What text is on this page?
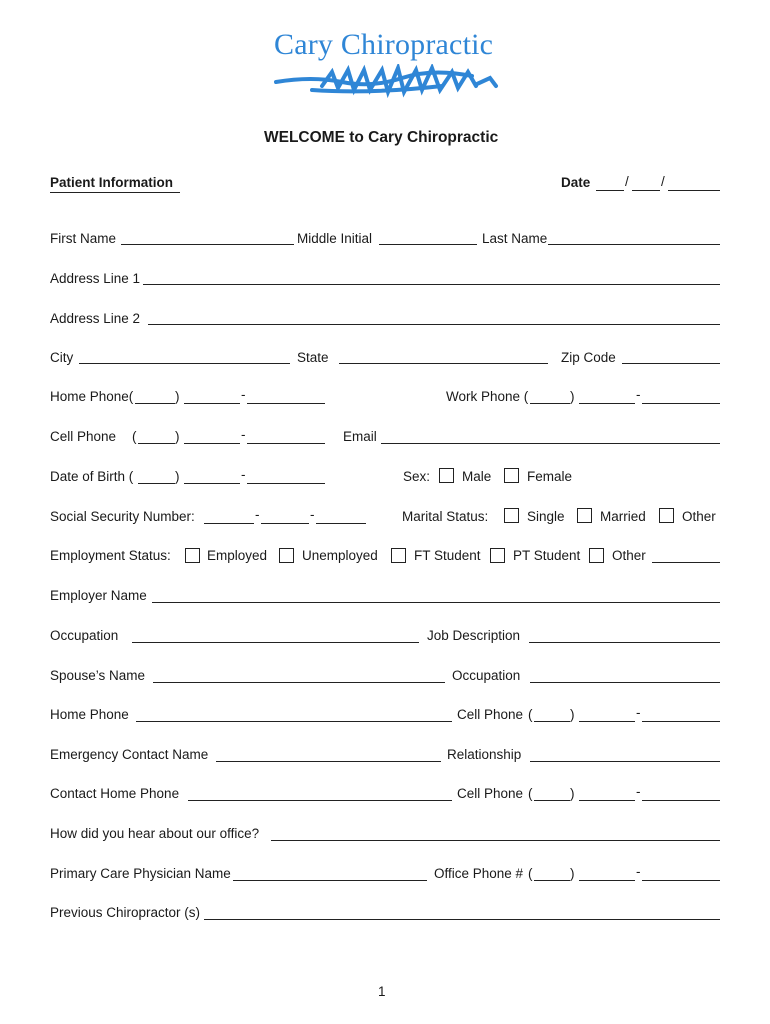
Cary Chiropractic
WELCOME to Cary Chiropractic
Patient Information	Date	/ /
First Name	Middle Initial	Last Name
Address Line 1
Address Line 2
City	State	Zip Code
Home Phone(	)	-	Work Phone (	)	-
Cell Phone (	)	-	Email
Date of Birth (	)	-	Sex: Male	Female
Social Security Number:	-	-	Marital Status:	Single	Married	Other
Employment Status:	Employed	Unemployed	FT Student PT Student Other
Employer Name
Occupation	Job Description
Spouse’s Name	Occupation
Home Phone	Cell Phone (	)	-
Emergency Contact Name	Relationship
Contact Home Phone	Cell Phone (	)	-
How did you hear about our office?
Primary Care Physician Name	Office Phone # (	)	-
Previous Chiropractor (s)
1
